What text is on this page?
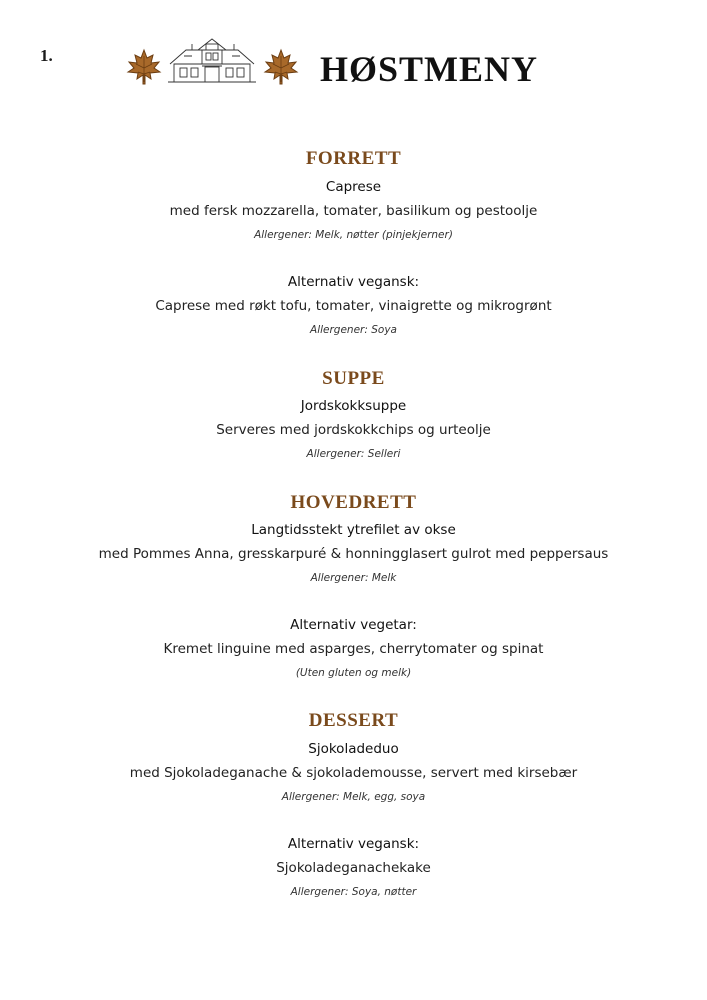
1.	HØSTMENY
FORRETT
Caprese
med fersk mozzarella, tomater, basilikum og pestoolje
Allergener: Melk, nøtter (pinjekjerner)
Alternativ vegansk:
Caprese med røkt tofu, tomater, vinaigrette og mikrogrønt
Allergener: Soya
SUPPE
Jordskokksuppe
Serveres med jordskokkchips og urteolje
Allergener: Selleri
HOVEDRETT
Langtidsstekt ytrefilet av okse
med Pommes Anna, gresskarpuré & honningglasert gulrot med peppersaus
Allergener: Melk
Alternativ vegetar:
Kremet linguine med asparges, cherrytomater og spinat
(Uten gluten og melk)
DESSERT
Sjokoladeduo
med Sjokoladeganache & sjokolademousse, servert med kirsebær
Allergener: Melk, egg, soya
Alternativ vegansk:
Sjokoladeganachekake
Allergener: Soya, nøtter
